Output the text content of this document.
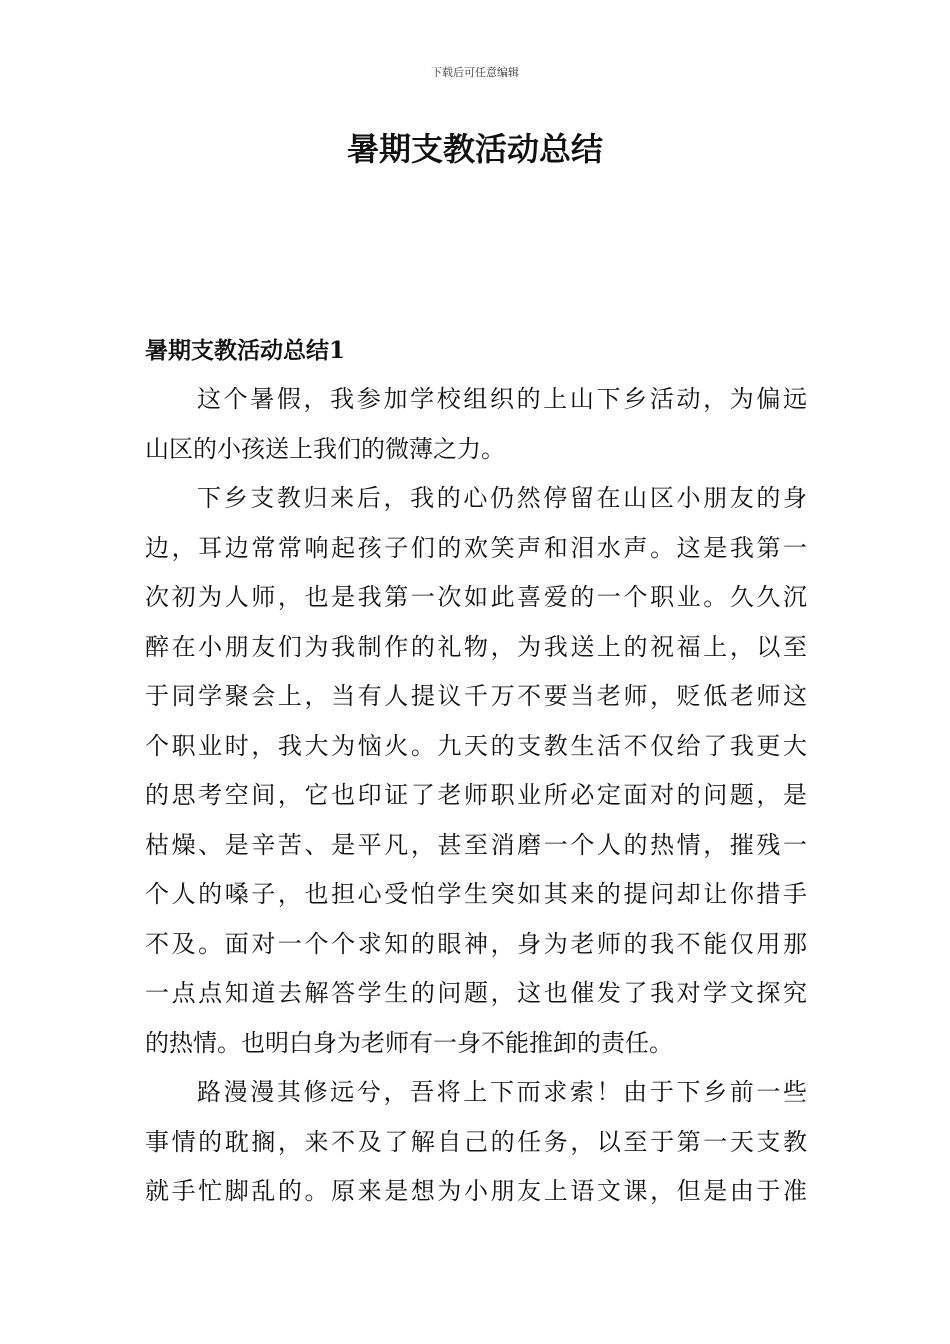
下载后可任意编辑
暑期支教活动总结
暑期支教活动总结1
这个暑假，我参加学校组织的上山下乡活动，为偏远
山区的小孩送上我们的微薄之力。
下乡支教归来后，我的心仍然停留在山区小朋友的身
边，耳边常常响起孩子们的欢笑声和泪水声。这是我第一
次初为人师，也是我第一次如此喜爱的一个职业。久久沉
醉在小朋友们为我制作的礼物，为我送上的祝福上，以至
于同学聚会上，当有人提议千万不要当老师，贬低老师这
个职业时，我大为恼火。九天的支教生活不仅给了我更大
的思考空间，它也印证了老师职业所必定面对的问题，是
枯燥、是辛苦、是平凡，甚至消磨一个人的热情，摧残一
个人的嗓子，也担心受怕学生突如其来的提问却让你措手
不及。面对一个个求知的眼神，身为老师的我不能仅用那
一点点知道去解答学生的问题，这也催发了我对学文探究
的热情。也明白身为老师有一身不能推卸的责任。
路漫漫其修远兮，吾将上下而求索！由于下乡前一些
事情的耽搁，来不及了解自己的任务，以至于第一天支教
就手忙脚乱的。原来是想为小朋友上语文课，但是由于准
